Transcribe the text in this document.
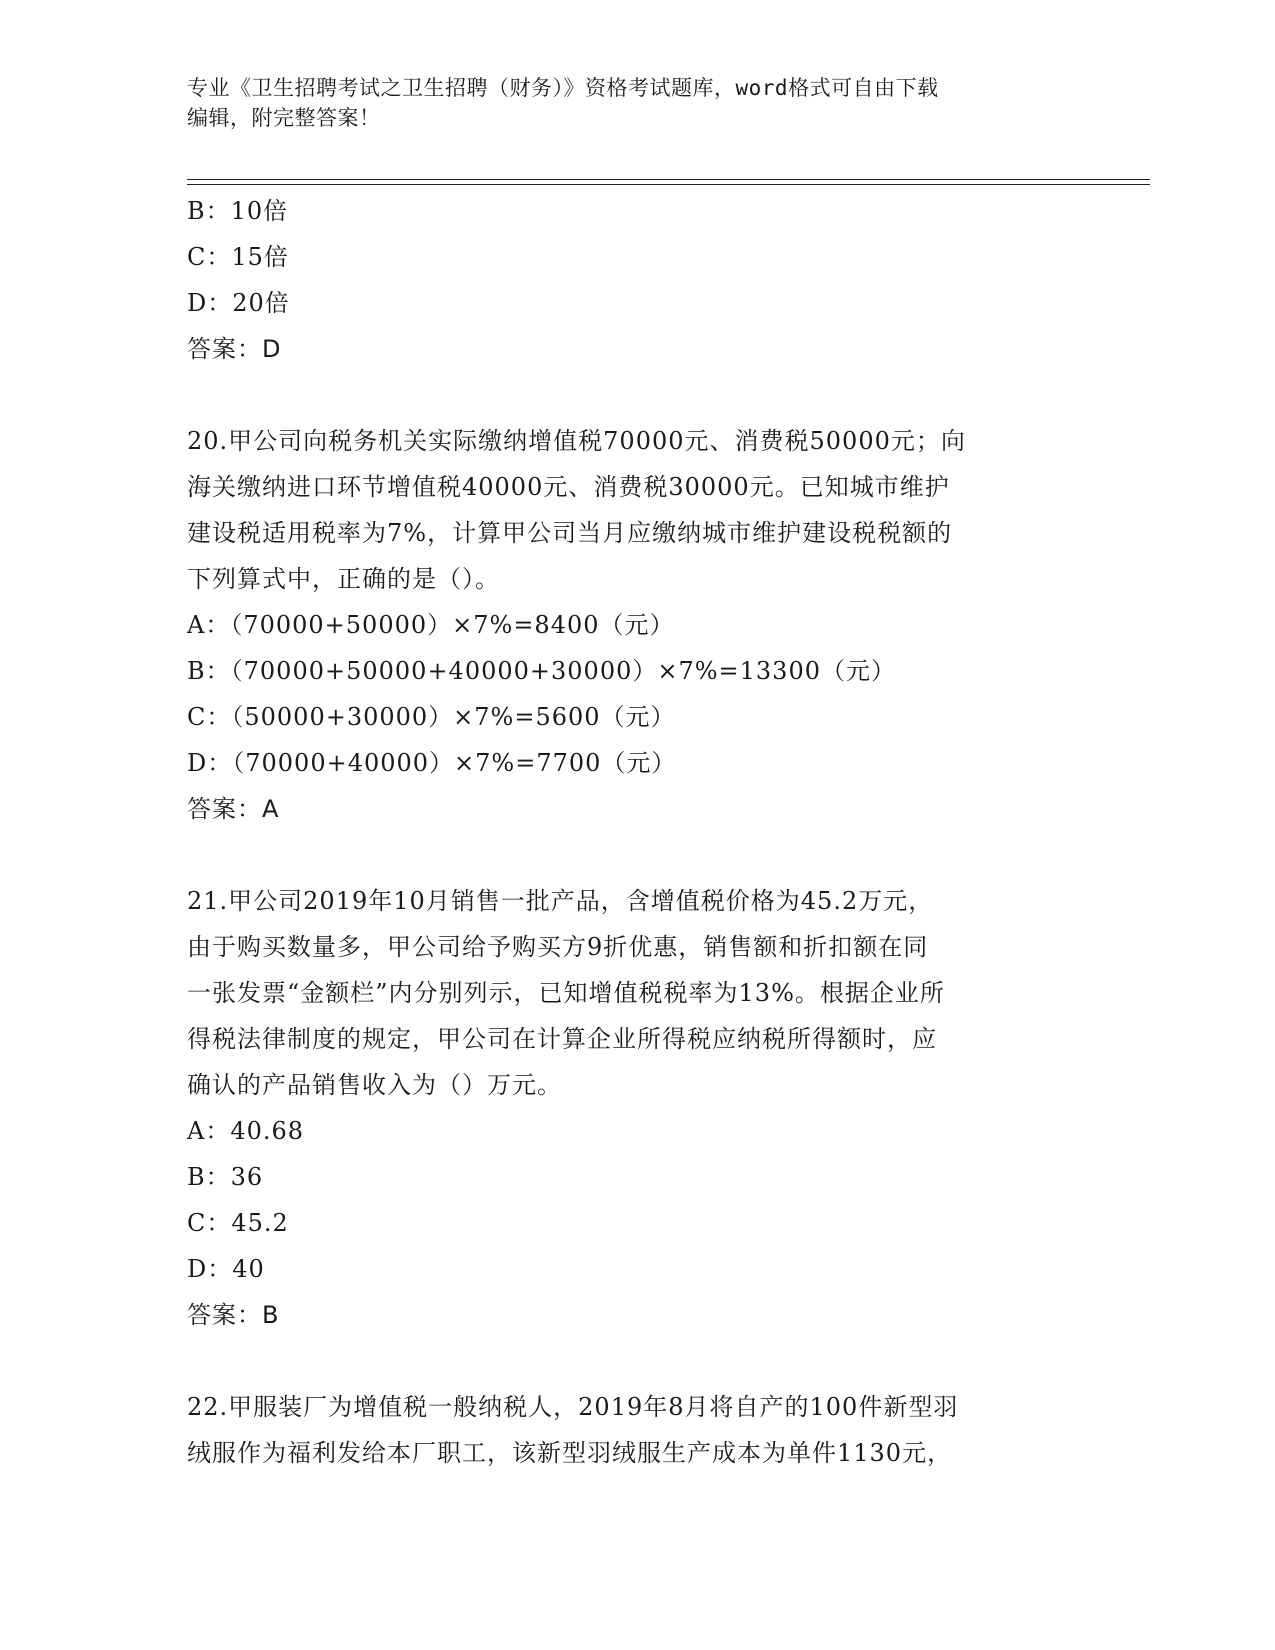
专业《卫生招聘考试之卫生招聘（财务）》资格考试题库，word格式可自由下载
编辑，附完整答案！
B：10倍
C：15倍
D：20倍
答案：D
20.甲公司向税务机关实际缴纳增值税70000元、消费税50000元；向
海关缴纳进口环节增值税40000元、消费税30000元。已知城市维护
建设税适用税率为7%，计算甲公司当月应缴纳城市维护建设税税额的
下列算式中，正确的是（）。
A：（70000+50000）×7%=8400（元）
B：（70000+50000+40000+30000）×7%=13300（元）
C：（50000+30000）×7%=5600（元）
D：（70000+40000）×7%=7700（元）
答案：A
21.甲公司2019年10月销售一批产品，含增值税价格为45.2万元，
由于购买数量多，甲公司给予购买方9折优惠，销售额和折扣额在同
一张发票“金额栏”内分别列示，已知增值税税率为13%。根据企业所
得税法律制度的规定，甲公司在计算企业所得税应纳税所得额时，应
确认的产品销售收入为（）万元。
A：40.68
B：36
C：45.2
D：40
答案：B
22.甲服装厂为增值税一般纳税人，2019年8月将自产的100件新型羽
绒服作为福利发给本厂职工，该新型羽绒服生产成本为单件1130元，
